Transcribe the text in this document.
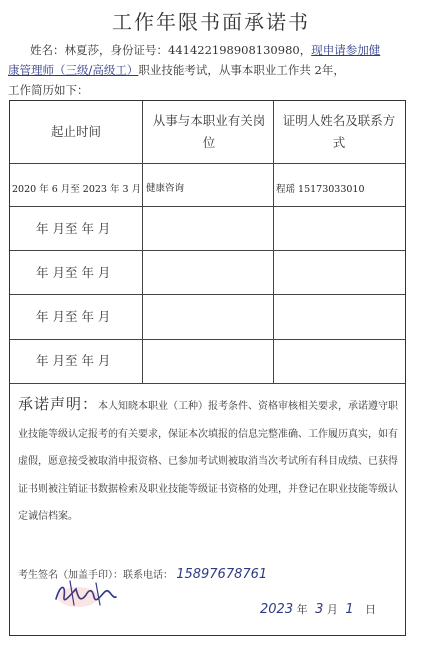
工作年限书面承诺书
姓名：林夏莎，身份证号：441422198908130980，现申请参加健
康管理师（三级/高级工）职业技能考试，从事本职业工作共 2年，
工作简历如下：
起止时间
从事与本职业有关岗位
证明人姓名及联系方式
2020 年 6 月至 2023 年 3 月 健康咨询	程瑶 15173033010
年 月至 年 月
年 月至 年 月
年 月至 年 月
年 月至 年 月
承诺声明：本人知晓本职业（工种）报考条件、资格审核相关要求，承诺遵守职业技能等级认定报考的有关要求，保证本次填报的信息完整准确、工作履历真实，如有虚假，愿意接受被取消申报资格、已参加考试则被取消当次考试所有科目成绩、已获得证书则被注销证书数据检索及职业技能等级证书资格的处理，并登记在职业技能等级认定诚信档案。
考生签名（加盖手印）：联系电话： 15897678761
2023 年 3 月 1 日
